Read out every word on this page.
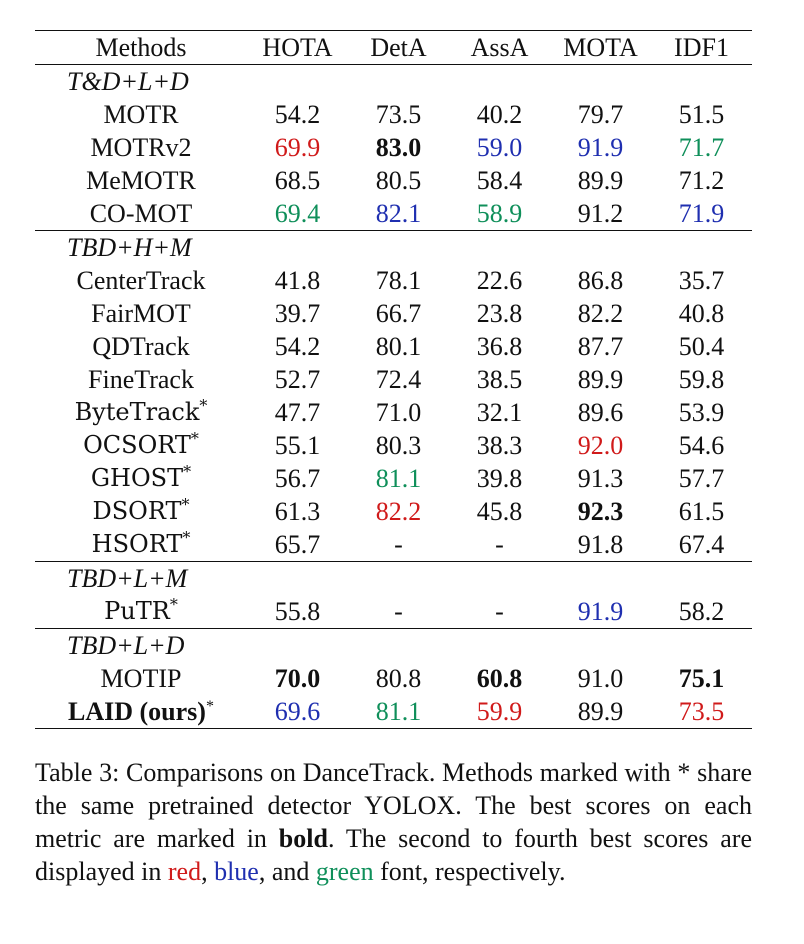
Methods	HOTA	DetA	AssA	MOTA	IDF1
T&D+L+D					
MOTR	54.2	73.5	40.2	79.7	51.5
MOTRv2	69.9	83.0	59.0	91.9	71.7
MeMOTR	68.5	80.5	58.4	89.9	71.2
CO-MOT	69.4	82.1	58.9	91.2	71.9
TBD+H+M					
CenterTrack	41.8	78.1	22.6	86.8	35.7
FairMOT	39.7	66.7	23.8	82.2	40.8
QDTrack	54.2	80.1	36.8	87.7	50.4
FineTrack	52.7	72.4	38.5	89.9	59.8
ByteTrack*	47.7	71.0	32.1	89.6	53.9
OCSORT*	55.1	80.3	38.3	92.0	54.6
GHOST*	56.7	81.1	39.8	91.3	57.7
DSORT*	61.3	82.2	45.8	92.3	61.5
HSORT*	65.7	-	-	91.8	67.4
TBD+L+M					
PuTR*	55.8	-	-	91.9	58.2
TBD+L+D					
MOTIP	70.0	80.8	60.8	91.0	75.1
LAID (ours)*	69.6	81.1	59.9	89.9	73.5
Table 3: Comparisons on DanceTrack. Methods marked with * share the same pretrained detector YOLOX. The best scores on each metric are marked in bold. The second to fourth best scores are displayed in red, blue, and green font, respectively.
